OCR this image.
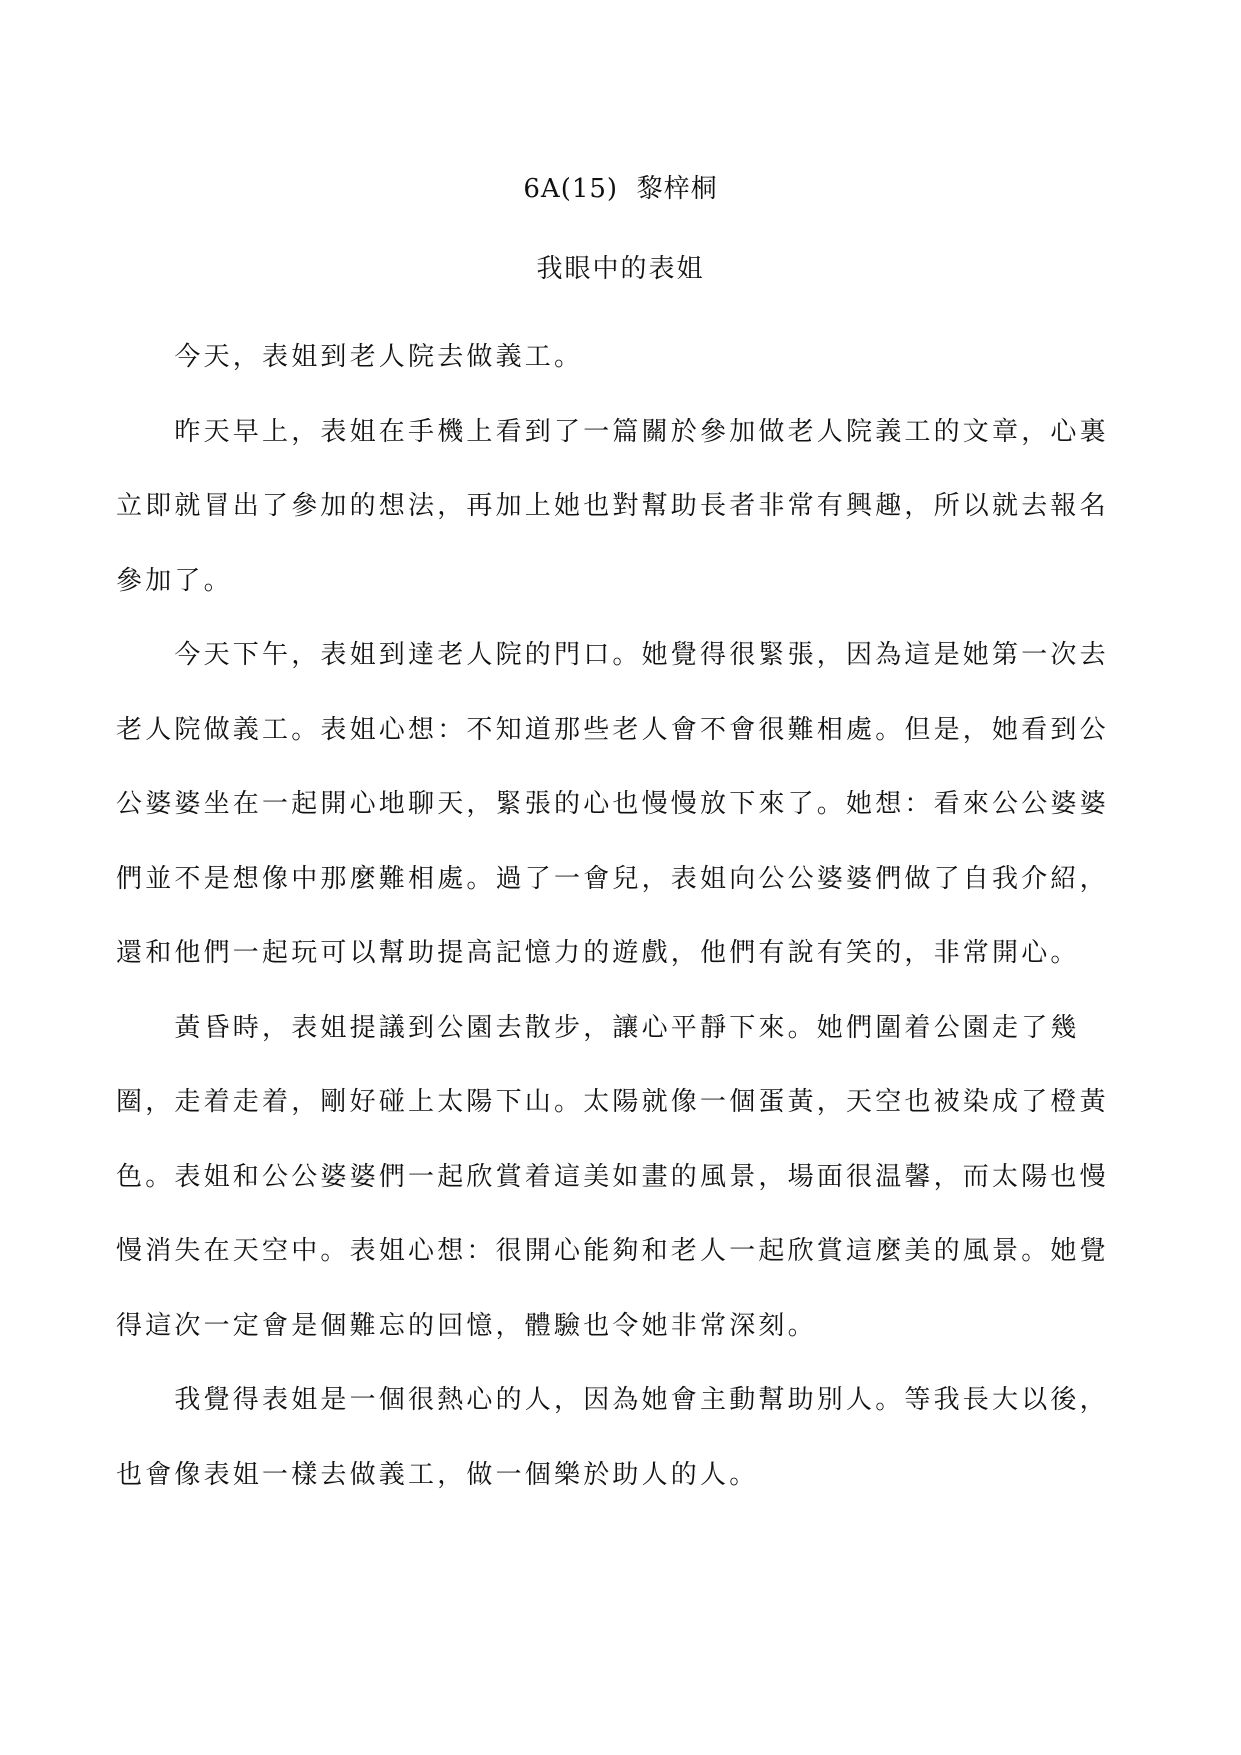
6A(15)  黎梓桐
我眼中的表姐
　　今天，表姐到老人院去做義工。
　　昨天早上，表姐在手機上看到了一篇關於參加做老人院義工的文章，心裏
立即就冒出了參加的想法，再加上她也對幫助長者非常有興趣，所以就去報名
參加了。
　　今天下午，表姐到達老人院的門口。她覺得很緊張，因為這是她第一次去
老人院做義工。表姐心想：不知道那些老人會不會很難相處。但是，她看到公
公婆婆坐在一起開心地聊天，緊張的心也慢慢放下來了。她想：看來公公婆婆
們並不是想像中那麼難相處。過了一會兒，表姐向公公婆婆們做了自我介紹，
還和他們一起玩可以幫助提高記憶力的遊戲，他們有說有笑的，非常開心。
　　黃昏時，表姐提議到公園去散步，讓心平靜下來。她們圍着公園走了幾
圈，走着走着，剛好碰上太陽下山。太陽就像一個蛋黃，天空也被染成了橙黃
色。表姐和公公婆婆們一起欣賞着這美如畫的風景，場面很温馨，而太陽也慢
慢消失在天空中。表姐心想：很開心能夠和老人一起欣賞這麼美的風景。她覺
得這次一定會是個難忘的回憶，體驗也令她非常深刻。
　　我覺得表姐是一個很熱心的人，因為她會主動幫助別人。等我長大以後，
也會像表姐一樣去做義工，做一個樂於助人的人。
